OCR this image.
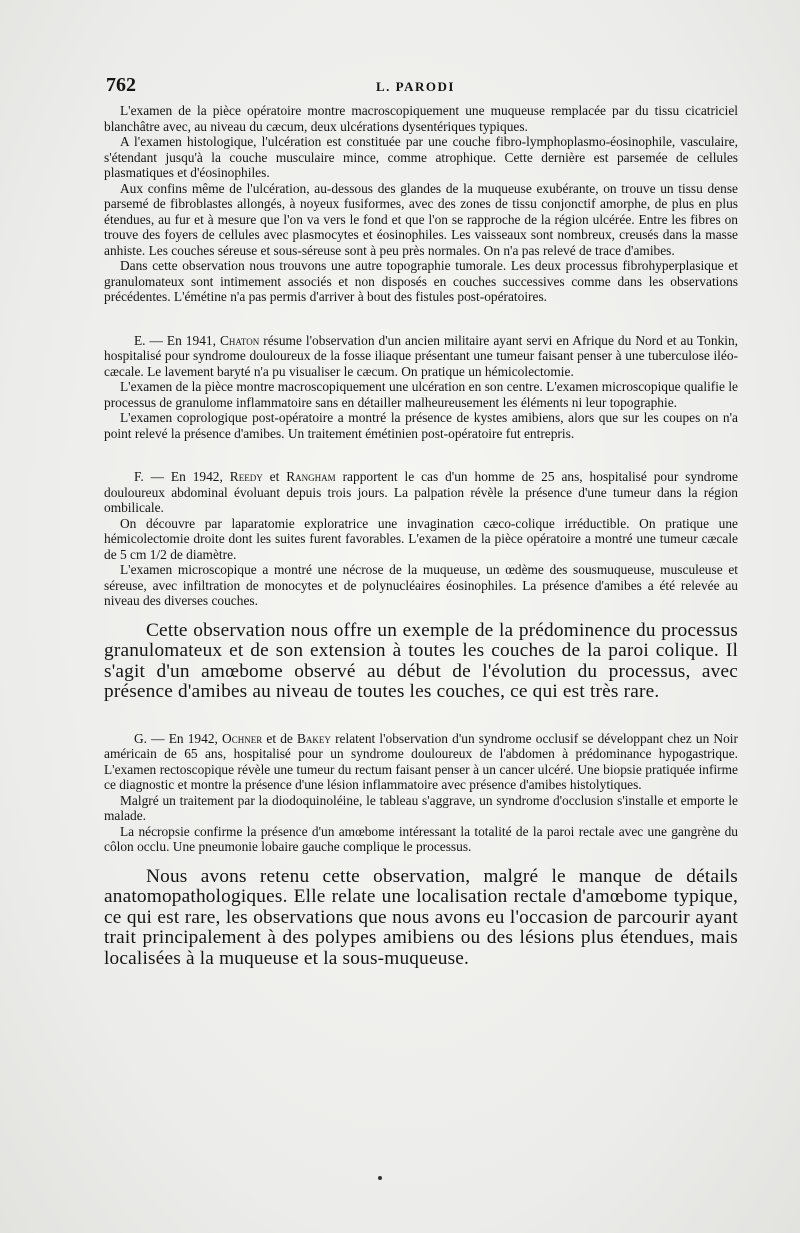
762	L. PARODI

L'examen de la pièce opératoire montre macroscopiquement une muqueuse remplacée par du tissu cicatriciel blanchâtre avec, au niveau du cæcum, deux ulcérations dysentériques typiques.

A l'examen histologique, l'ulcération est constituée par une couche fibro-lymphoplasmo-éosinophile, vasculaire, s'étendant jusqu'à la couche musculaire mince, comme atrophique. Cette dernière est parsemée de cellules plasmatiques et d'éosinophiles.

Aux confins même de l'ulcération, au-dessous des glandes de la muqueuse exubérante, on trouve un tissu dense parsemé de fibroblastes allongés, à noyeux fusiformes, avec des zones de tissu conjonctif amorphe, de plus en plus étendues, au fur et à mesure que l'on va vers le fond et que l'on se rapproche de la région ulcérée. Entre les fibres on trouve des foyers de cellules avec plasmocytes et éosinophiles. Les vaisseaux sont nombreux, creusés dans la masse anhiste. Les couches séreuse et sous-séreuse sont à peu près normales. On n'a pas relevé de trace d'amibes.

Dans cette observation nous trouvons une autre topographie tumorale. Les deux processus fibrohyperplasique et granulomateux sont intimement associés et non disposés en couches successives comme dans les observations précédentes. L'émétine n'a pas permis d'arriver à bout des fistules post-opératoires.

E. — En 1941, Chaton résume l'observation d'un ancien militaire ayant servi en Afrique du Nord et au Tonkin, hospitalisé pour syndrome douloureux de la fosse iliaque présentant une tumeur faisant penser à une tuberculose iléo-cæcale. Le lavement baryté n'a pu visualiser le cæcum. On pratique un hémicolectomie.

L'examen de la pièce montre macroscopiquement une ulcération en son centre. L'examen microscopique qualifie le processus de granulome inflammatoire sans en détailler malheureusement les éléments ni leur topographie.

L'examen coprologique post-opératoire a montré la présence de kystes amibiens, alors que sur les coupes on n'a point relevé la présence d'amibes. Un traitement émétinien post-opératoire fut entrepris.

F. — En 1942, Reedy et Rangham rapportent le cas d'un homme de 25 ans, hospitalisé pour syndrome douloureux abdominal évoluant depuis trois jours. La palpation révèle la présence d'une tumeur dans la région ombilicale.

On découvre par laparatomie exploratrice une invagination cæco-colique irréductible. On pratique une hémicolectomie droite dont les suites furent favorables. L'examen de la pièce opératoire a montré une tumeur cæcale de 5 cm 1/2 de diamètre.

L'examen microscopique a montré une nécrose de la muqueuse, un œdème des sousmuqueuse, musculeuse et séreuse, avec infiltration de monocytes et de polynucléaires éosinophiles. La présence d'amibes a été relevée au niveau des diverses couches.

Cette observation nous offre un exemple de la prédominence du processus granulomateux et de son extension à toutes les couches de la paroi colique. Il s'agit d'un amœbome observé au début de l'évolution du processus, avec présence d'amibes au niveau de toutes les couches, ce qui est très rare.

G. — En 1942, Ochner et de Bakey relatent l'observation d'un syndrome occlusif se développant chez un Noir américain de 65 ans, hospitalisé pour un syndrome douloureux de l'abdomen à prédominance hypogastrique. L'examen rectoscopique révèle une tumeur du rectum faisant penser à un cancer ulcéré. Une biopsie pratiquée infirme ce diagnostic et montre la présence d'une lésion inflammatoire avec présence d'amibes histolytiques.

Malgré un traitement par la diodoquinoléine, le tableau s'aggrave, un syndrome d'occlusion s'installe et emporte le malade.

La nécropsie confirme la présence d'un amœbome intéressant la totalité de la paroi rectale avec une gangrène du côlon occlu. Une pneumonie lobaire gauche complique le processus.

Nous avons retenu cette observation, malgré le manque de détails anatomopathologiques. Elle relate une localisation rectale d'amœbome typique, ce qui est rare, les observations que nous avons eu l'occasion de parcourir ayant trait principalement à des polypes amibiens ou des lésions plus étendues, mais localisées à la muqueuse et la sous-muqueuse.
